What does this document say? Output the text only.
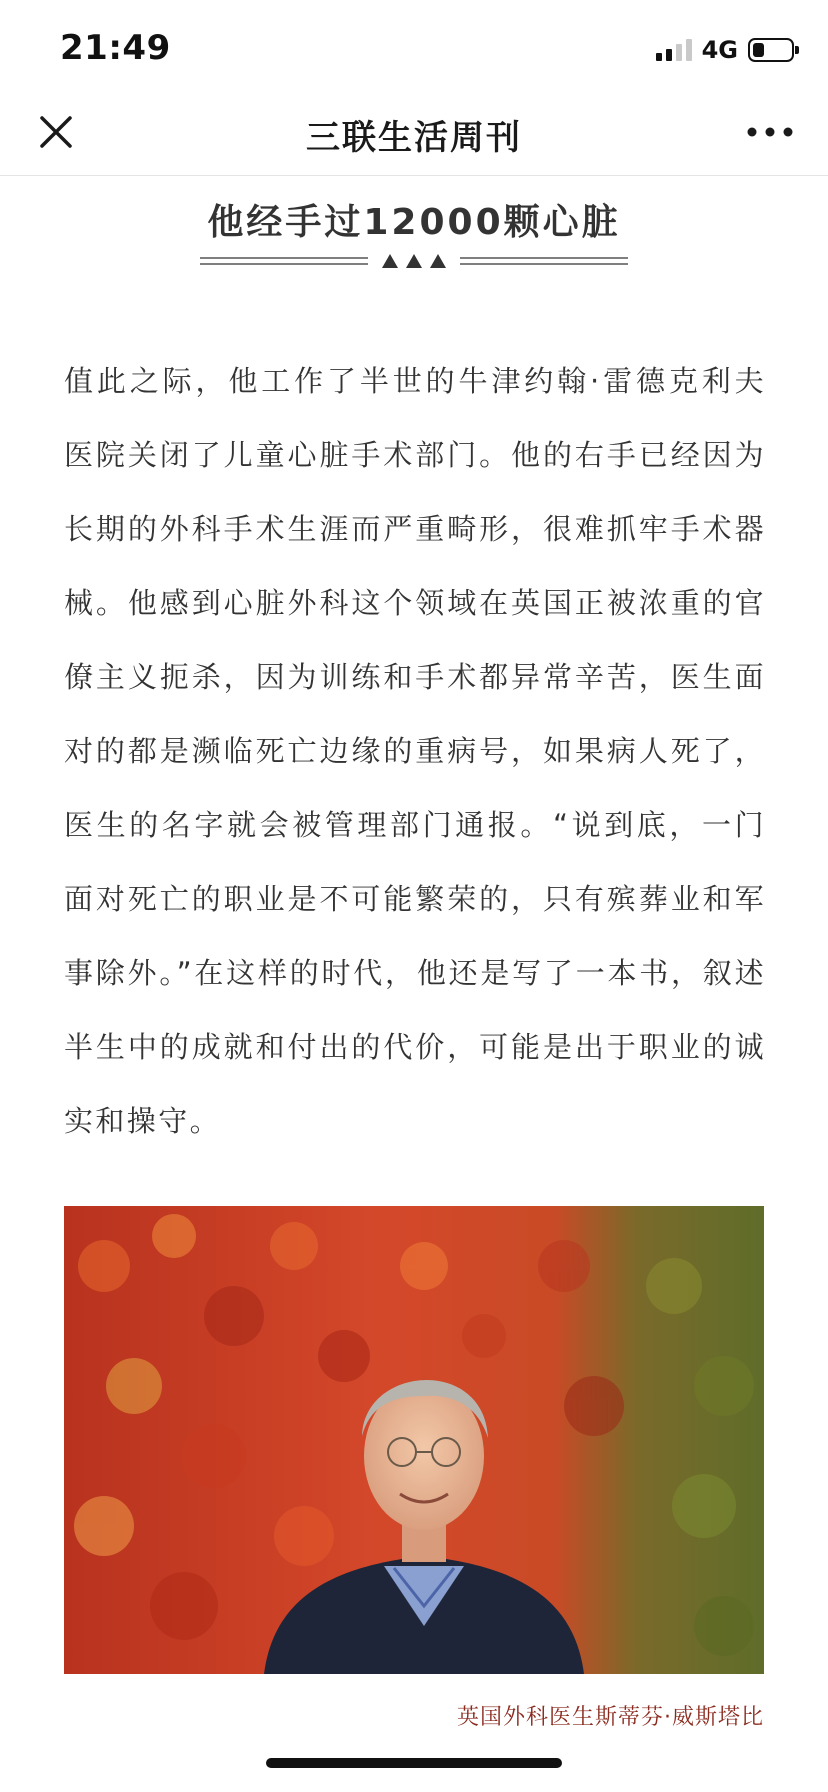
21:49	4G
三联生活周刊
他经手过12000颗心脏
值此之际，他工作了半世的牛津约翰·雷德克利夫医院关闭了儿童心脏手术部门。他的右手已经因为长期的外科手术生涯而严重畸形，很难抓牢手术器械。他感到心脏外科这个领域在英国正被浓重的官僚主义扼杀，因为训练和手术都异常辛苦，医生面对的都是濒临死亡边缘的重病号，如果病人死了，医生的名字就会被管理部门通报。“说到底，一门面对死亡的职业是不可能繁荣的，只有殡葬业和军事除外。”在这样的时代，他还是写了一本书，叙述半生中的成就和付出的代价，可能是出于职业的诚实和操守。
英国外科医生斯蒂芬·威斯塔比
